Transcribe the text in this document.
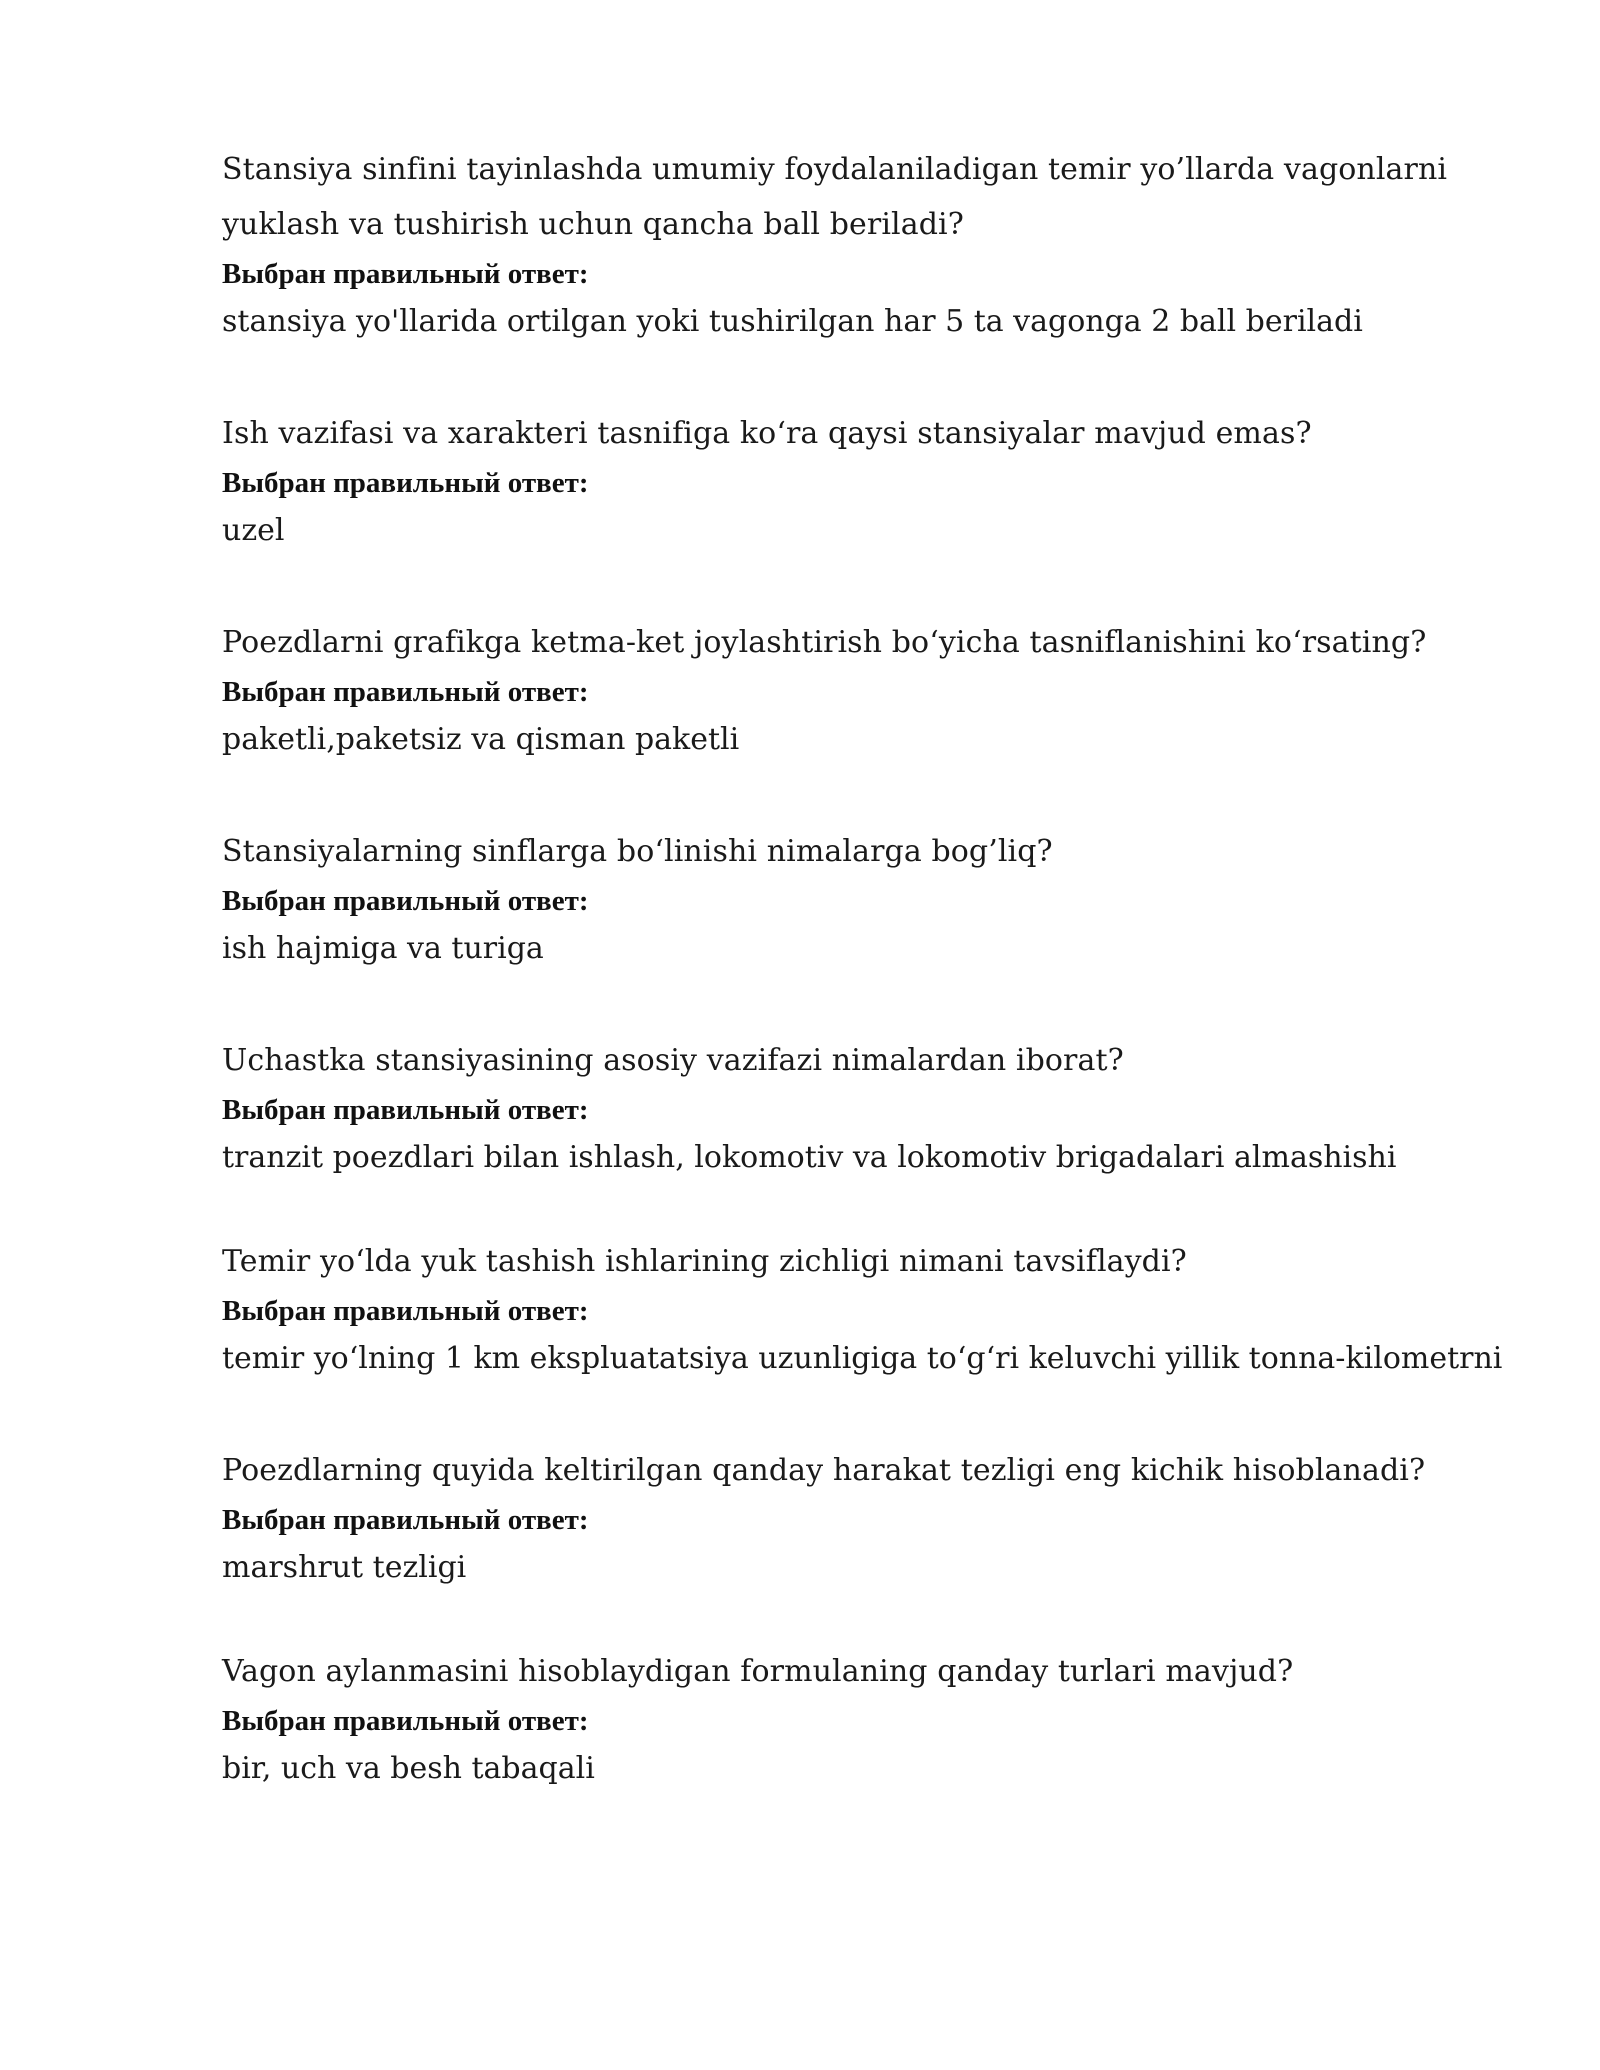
Stansiya sinfini tayinlashda umumiy foydalaniladigan temir yo’llarda vagonlarni

yuklash va tushirish uchun qancha ball beriladi?

Выбран правильный ответ:

stansiya yo'llarida ortilgan yoki tushirilgan har 5 ta vagonga 2 ball beriladi

Ish vazifasi va xarakteri tasnifiga koʻra qaysi stansiyalar mavjud emas?

Выбран правильный ответ:

uzel

Poezdlarni grafikga ketma-ket joylashtirish boʻyicha tasniflanishini koʻrsating?

Выбран правильный ответ:

paketli,paketsiz va qisman paketli

Stansiyalarning sinflarga boʻlinishi nimalarga bog’liq?

Выбран правильный ответ:

ish hajmiga va turiga

Uchastka stansiyasining asosiy vazifazi nimalardan iborat?

Выбран правильный ответ:

tranzit poezdlari bilan ishlash, lokomotiv va lokomotiv brigadalari almashishi

Temir yoʻlda yuk tashish ishlarining zichligi nimani tavsiflaydi?

Выбран правильный ответ:

temir yoʻlning 1 km ekspluatatsiya uzunligiga toʻgʻri keluvchi yillik tonna-kilometrni

Poezdlarning quyida keltirilgan qanday harakat tezligi eng kichik hisoblanadi?

Выбран правильный ответ:

marshrut tezligi

Vagon aylanmasini hisoblaydigan formulaning qanday turlari mavjud?

Выбран правильный ответ:

bir, uch va besh tabaqali
